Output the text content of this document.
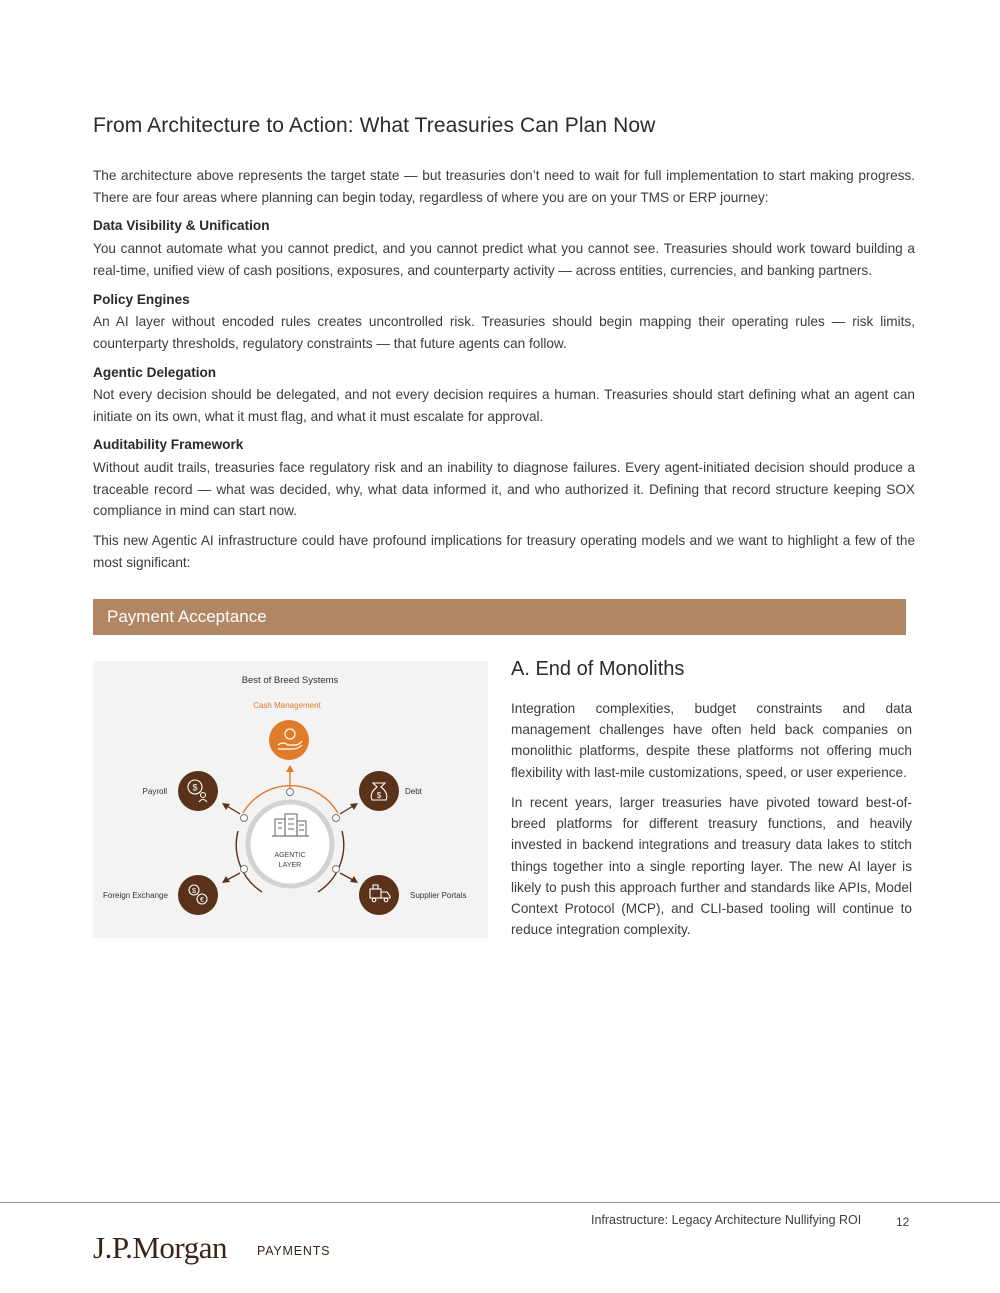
From Architecture to Action: What Treasuries Can Plan Now
The architecture above represents the target state — but treasuries don’t need to wait for full implementation to start making progress. There are four areas where planning can begin today, regardless of where you are on your TMS or ERP journey:
Data Visibility & Unification
You cannot automate what you cannot predict, and you cannot predict what you cannot see. Treasuries should work toward building a real-time, unified view of cash positions, exposures, and counterparty activity — across entities, currencies, and banking partners.
Policy Engines
An AI layer without encoded rules creates uncontrolled risk. Treasuries should begin mapping their operating rules — risk limits, counterparty thresholds, regulatory constraints — that future agents can follow.
Agentic Delegation
Not every decision should be delegated, and not every decision requires a human. Treasuries should start defining what an agent can initiate on its own, what it must flag, and what it must escalate for approval.
Auditability Framework
Without audit trails, treasuries face regulatory risk and an inability to diagnose failures. Every agent-initiated decision should produce a traceable record — what was decided, why, what data informed it, and who authorized it. Defining that record structure keeping SOX compliance in mind can start now.
This new Agentic AI infrastructure could have profound implications for treasury operating models and we want to highlight a few of the most significant:
Payment Acceptance
Best of Breed Systems
AGENTIC
LAYER
Cash Management
Payroll	$	Debt
$
Foreign Exchange	$
€
Supplier Portals
A. End of Monoliths
Integration complexities, budget constraints and data management challenges have often held back companies on monolithic platforms, despite these platforms not offering much flexibility with last-mile customizations, speed, or user experience.
In recent years, larger treasuries have pivoted toward best-of-breed platforms for different treasury functions, and heavily invested in backend integrations and treasury data lakes to stitch things together into a single reporting layer. The new AI layer is likely to push this approach further and standards like APIs, Model Context Protocol (MCP), and CLI-based tooling will continue to reduce integration complexity.
Infrastructure: Legacy Architecture Nullifying ROI	12
J.P.Morgan PAYMENTS
